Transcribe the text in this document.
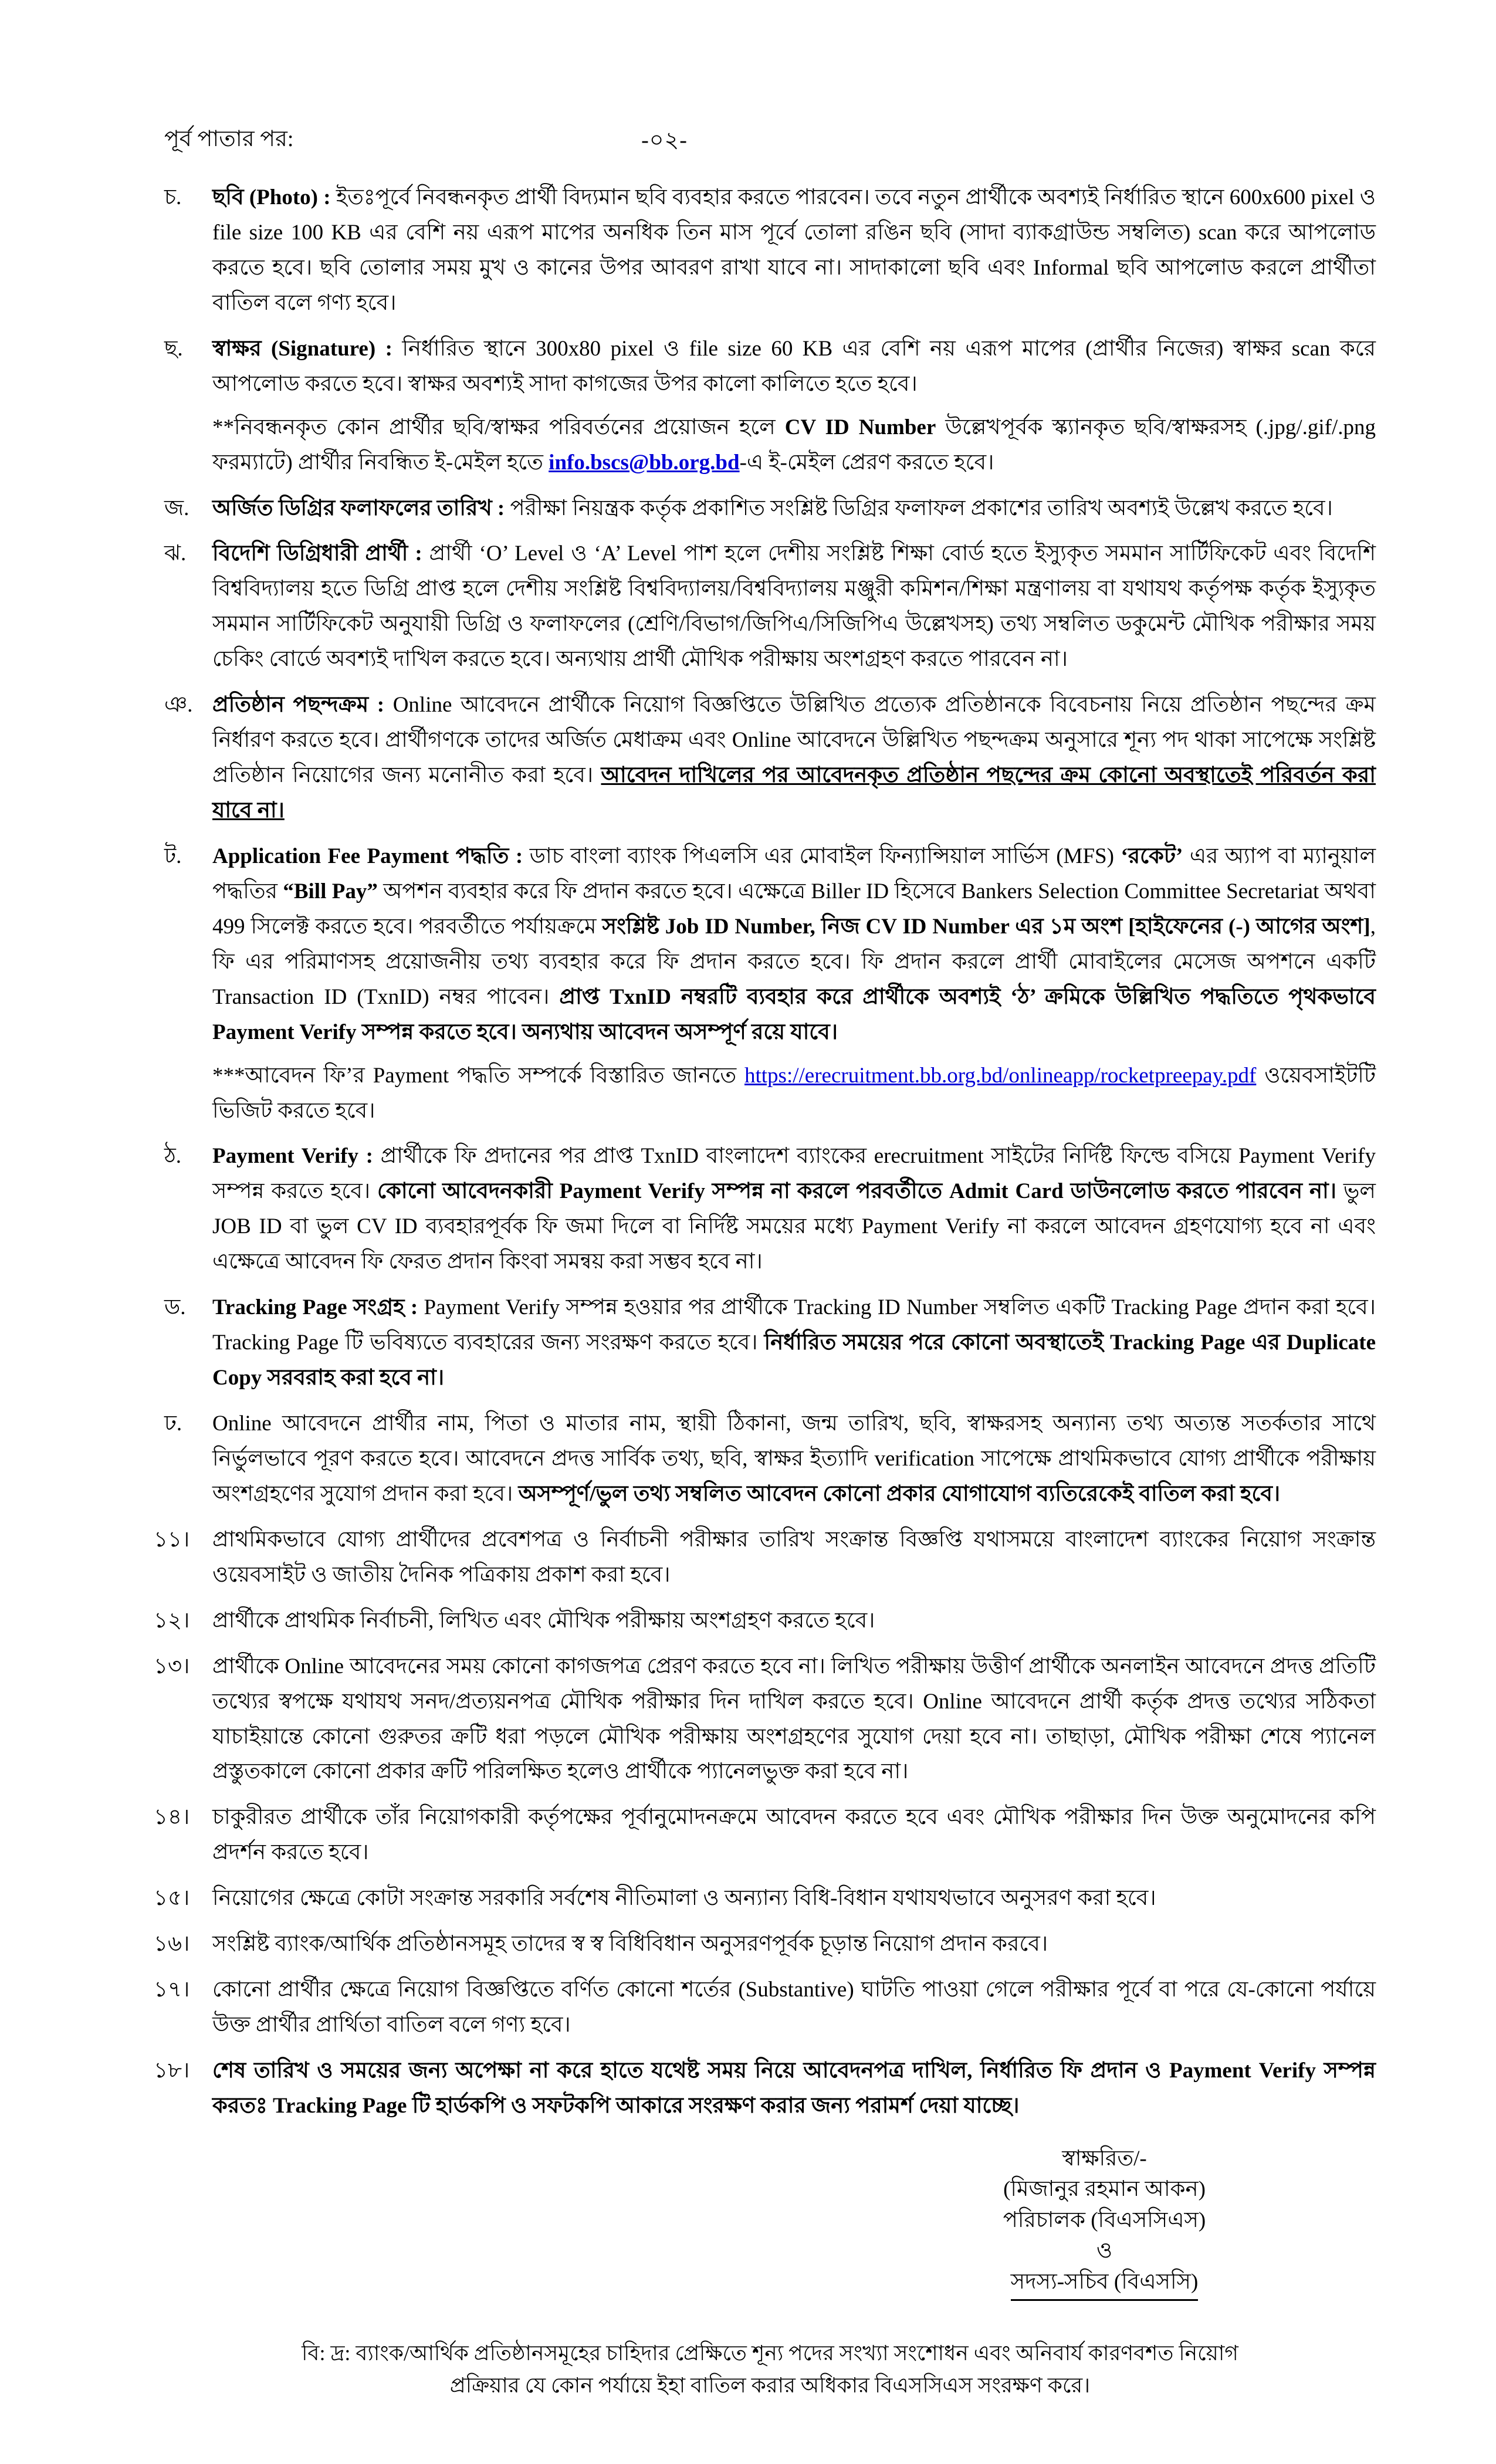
পূর্ব পাতার পর:	-০২-
চ.	ছবি (Photo) : ইতঃপূর্বে নিবন্ধনকৃত প্রার্থী বিদ্যমান ছবি ব্যবহার করতে পারবেন। তবে নতুন প্রার্থীকে অবশ্যই নির্ধারিত স্থানে 600x600 pixel ও file size 100 KB এর বেশি নয় এরূপ মাপের অনধিক তিন মাস পূর্বে তোলা রঙিন ছবি (সাদা ব্যাকগ্রাউন্ড সম্বলিত) scan করে আপলোড করতে হবে। ছবি তোলার সময় মুখ ও কানের উপর আবরণ রাখা যাবে না। সাদাকালো ছবি এবং Informal ছবি আপলোড করলে প্রার্থীতা বাতিল বলে গণ্য হবে।
ছ.	স্বাক্ষর (Signature) : নির্ধারিত স্থানে 300x80 pixel ও file size 60 KB এর বেশি নয় এরূপ মাপের (প্রার্থীর নিজের) স্বাক্ষর scan করে আপলোড করতে হবে। স্বাক্ষর অবশ্যই সাদা কাগজের উপর কালো কালিতে হতে হবে।
**নিবন্ধনকৃত কোন প্রার্থীর ছবি/স্বাক্ষর পরিবর্তনের প্রয়োজন হলে CV ID Number উল্লেখপূর্বক স্ক্যানকৃত ছবি/স্বাক্ষরসহ (.jpg/.gif/.png ফরম্যাটে) প্রার্থীর নিবন্ধিত ই-মেইল হতে info.bscs@bb.org.bd-এ ই-মেইল প্রেরণ করতে হবে।
জ.	অর্জিত ডিগ্রির ফলাফলের তারিখ : পরীক্ষা নিয়ন্ত্রক কর্তৃক প্রকাশিত সংশ্লিষ্ট ডিগ্রির ফলাফল প্রকাশের তারিখ অবশ্যই উল্লেখ করতে হবে।
ঝ.	বিদেশি ডিগ্রিধারী প্রার্থী : প্রার্থী ‘O’ Level ও ‘A’ Level পাশ হলে দেশীয় সংশ্লিষ্ট শিক্ষা বোর্ড হতে ইস্যুকৃত সমমান সার্টিফিকেট এবং বিদেশি বিশ্ববিদ্যালয় হতে ডিগ্রি প্রাপ্ত হলে দেশীয় সংশ্লিষ্ট বিশ্ববিদ্যালয়/বিশ্ববিদ্যালয় মঞ্জুরী কমিশন/শিক্ষা মন্ত্রণালয় বা যথাযথ কর্তৃপক্ষ কর্তৃক ইস্যুকৃত সমমান সার্টিফিকেট অনুযায়ী ডিগ্রি ও ফলাফলের (শ্রেণি/বিভাগ/জিপিএ/সিজিপিএ উল্লেখসহ) তথ্য সম্বলিত ডকুমেন্ট মৌখিক পরীক্ষার সময় চেকিং বোর্ডে অবশ্যই দাখিল করতে হবে। অন্যথায় প্রার্থী মৌখিক পরীক্ষায় অংশগ্রহণ করতে পারবেন না।
ঞ. প্রতিষ্ঠান পছন্দক্রম : Online আবেদনে প্রার্থীকে নিয়োগ বিজ্ঞপ্তিতে উল্লিখিত প্রত্যেক প্রতিষ্ঠানকে বিবেচনায় নিয়ে প্রতিষ্ঠান পছন্দের ক্রম নির্ধারণ করতে হবে। প্রার্থীগণকে তাদের অর্জিত মেধাক্রম এবং Online আবেদনে উল্লিখিত পছন্দক্রম অনুসারে শূন্য পদ থাকা সাপেক্ষে সংশ্লিষ্ট প্রতিষ্ঠান নিয়োগের জন্য মনোনীত করা হবে। আবেদন দাখিলের পর আবেদনকৃত প্রতিষ্ঠান পছন্দের ক্রম কোনো অবস্থাতেই পরিবর্তন করা যাবে না।
ট.	Application Fee Payment পদ্ধতি : ডাচ বাংলা ব্যাংক পিএলসি এর মোবাইল ফিন্যান্সিয়াল সার্ভিস (MFS) ‘রকেট’ এর অ্যাপ বা ম্যানুয়াল পদ্ধতির “Bill Pay” অপশন ব্যবহার করে ফি প্রদান করতে হবে। এক্ষেত্রে Biller ID হিসেবে Bankers Selection Committee Secretariat অথবা 499 সিলেক্ট করতে হবে। পরবর্তীতে পর্যায়ক্রমে সংশ্লিষ্ট Job ID Number, নিজ CV ID Number এর ১ম অংশ [হাইফেনের (-) আগের অংশ], ফি এর পরিমাণসহ প্রয়োজনীয় তথ্য ব্যবহার করে ফি প্রদান করতে হবে। ফি প্রদান করলে প্রার্থী মোবাইলের মেসেজ অপশনে একটি Transaction ID (TxnID) নম্বর পাবেন। প্রাপ্ত TxnID নম্বরটি ব্যবহার করে প্রার্থীকে অবশ্যই ‘ঠ’ ক্রমিকে উল্লিখিত পদ্ধতিতে পৃথকভাবে Payment Verify সম্পন্ন করতে হবে। অন্যথায় আবেদন অসম্পূর্ণ রয়ে যাবে।
***আবেদন ফি’র Payment পদ্ধতি সম্পর্কে বিস্তারিত জানতে https://erecruitment.bb.org.bd/onlineapp/rocketpreepay.pdf ওয়েবসাইটটি ভিজিট করতে হবে।
ঠ.	Payment Verify : প্রার্থীকে ফি প্রদানের পর প্রাপ্ত TxnID বাংলাদেশ ব্যাংকের erecruitment সাইটের নির্দিষ্ট ফিল্ডে বসিয়ে Payment Verify সম্পন্ন করতে হবে। কোনো আবেদনকারী Payment Verify সম্পন্ন না করলে পরবর্তীতে Admit Card ডাউনলোড করতে পারবেন না। ভুল JOB ID বা ভুল CV ID ব্যবহারপূর্বক ফি জমা দিলে বা নির্দিষ্ট সময়ের মধ্যে Payment Verify না করলে আবেদন গ্রহণযোগ্য হবে না এবং এক্ষেত্রে আবেদন ফি ফেরত প্রদান কিংবা সমন্বয় করা সম্ভব হবে না।
ড.	Tracking Page সংগ্রহ : Payment Verify সম্পন্ন হওয়ার পর প্রার্থীকে Tracking ID Number সম্বলিত একটি Tracking Page প্রদান করা হবে। Tracking Page টি ভবিষ্যতে ব্যবহারের জন্য সংরক্ষণ করতে হবে। নির্ধারিত সময়ের পরে কোনো অবস্থাতেই Tracking Page এর Duplicate Copy সরবরাহ করা হবে না।
ঢ.	Online আবেদনে প্রার্থীর নাম, পিতা ও মাতার নাম, স্থায়ী ঠিকানা, জন্ম তারিখ, ছবি, স্বাক্ষরসহ অন্যান্য তথ্য অত্যন্ত সতর্কতার সাথে নির্ভুলভাবে পূরণ করতে হবে। আবেদনে প্রদত্ত সার্বিক তথ্য, ছবি, স্বাক্ষর ইত্যাদি verification সাপেক্ষে প্রাথমিকভাবে যোগ্য প্রার্থীকে পরীক্ষায় অংশগ্রহণের সুযোগ প্রদান করা হবে। অসম্পূর্ণ/ভুল তথ্য সম্বলিত আবেদন কোনো প্রকার যোগাযোগ ব্যতিরেকেই বাতিল করা হবে।
১১।	প্রাথমিকভাবে যোগ্য প্রার্থীদের প্রবেশপত্র ও নির্বাচনী পরীক্ষার তারিখ সংক্রান্ত বিজ্ঞপ্তি যথাসময়ে বাংলাদেশ ব্যাংকের নিয়োগ সংক্রান্ত ওয়েবসাইট ও জাতীয় দৈনিক পত্রিকায় প্রকাশ করা হবে।
১২।	প্রার্থীকে প্রাথমিক নির্বাচনী, লিখিত এবং মৌখিক পরীক্ষায় অংশগ্রহণ করতে হবে।
১৩।	প্রার্থীকে Online আবেদনের সময় কোনো কাগজপত্র প্রেরণ করতে হবে না। লিখিত পরীক্ষায় উত্তীর্ণ প্রার্থীকে অনলাইন আবেদনে প্রদত্ত প্রতিটি তথ্যের স্বপক্ষে যথাযথ সনদ/প্রত্যয়নপত্র মৌখিক পরীক্ষার দিন দাখিল করতে হবে। Online আবেদনে প্রার্থী কর্তৃক প্রদত্ত তথ্যের সঠিকতা যাচাইয়ান্তে কোনো গুরুতর ক্রটি ধরা পড়লে মৌখিক পরীক্ষায় অংশগ্রহণের সুযোগ দেয়া হবে না। তাছাড়া, মৌখিক পরীক্ষা শেষে প্যানেল প্রস্তুতকালে কোনো প্রকার ক্রটি পরিলক্ষিত হলেও প্রার্থীকে প্যানেলভুক্ত করা হবে না।
১৪।	চাকুরীরত প্রার্থীকে তাঁর নিয়োগকারী কর্তৃপক্ষের পূর্বানুমোদনক্রমে আবেদন করতে হবে এবং মৌখিক পরীক্ষার দিন উক্ত অনুমোদনের কপি প্রদর্শন করতে হবে।
১৫।	নিয়োগের ক্ষেত্রে কোটা সংক্রান্ত সরকারি সর্বশেষ নীতিমালা ও অন্যান্য বিধি-বিধান যথাযথভাবে অনুসরণ করা হবে।
১৬।	সংশ্লিষ্ট ব্যাংক/আর্থিক প্রতিষ্ঠানসমূহ তাদের স্ব স্ব বিধিবিধান অনুসরণপূর্বক চূড়ান্ত নিয়োগ প্রদান করবে।
১৭।	কোনো প্রার্থীর ক্ষেত্রে নিয়োগ বিজ্ঞপ্তিতে বর্ণিত কোনো শর্তের (Substantive) ঘাটতি পাওয়া গেলে পরীক্ষার পূর্বে বা পরে যে-কোনো পর্যায়ে উক্ত প্রার্থীর প্রার্থিতা বাতিল বলে গণ্য হবে।
১৮।	শেষ তারিখ ও সময়ের জন্য অপেক্ষা না করে হাতে যথেষ্ট সময় নিয়ে আবেদনপত্র দাখিল, নির্ধারিত ফি প্রদান ও Payment Verify সম্পন্ন করতঃ Tracking Page টি হার্ডকপি ও সফটকপি আকারে সংরক্ষণ করার জন্য পরামর্শ দেয়া যাচ্ছে।
স্বাক্ষরিত/-
(মিজানুর রহমান আকন)
পরিচালক (বিএসসিএস)
ও
সদস্য-সচিব (বিএসসি)
বি: দ্র: ব্যাংক/আর্থিক প্রতিষ্ঠানসমূহের চাহিদার প্রেক্ষিতে শূন্য পদের সংখ্যা সংশোধন এবং অনিবার্য কারণবশত নিয়োগ প্রক্রিয়ার যে কোন পর্যায়ে ইহা বাতিল করার অধিকার বিএসসিএস সংরক্ষণ করে।
